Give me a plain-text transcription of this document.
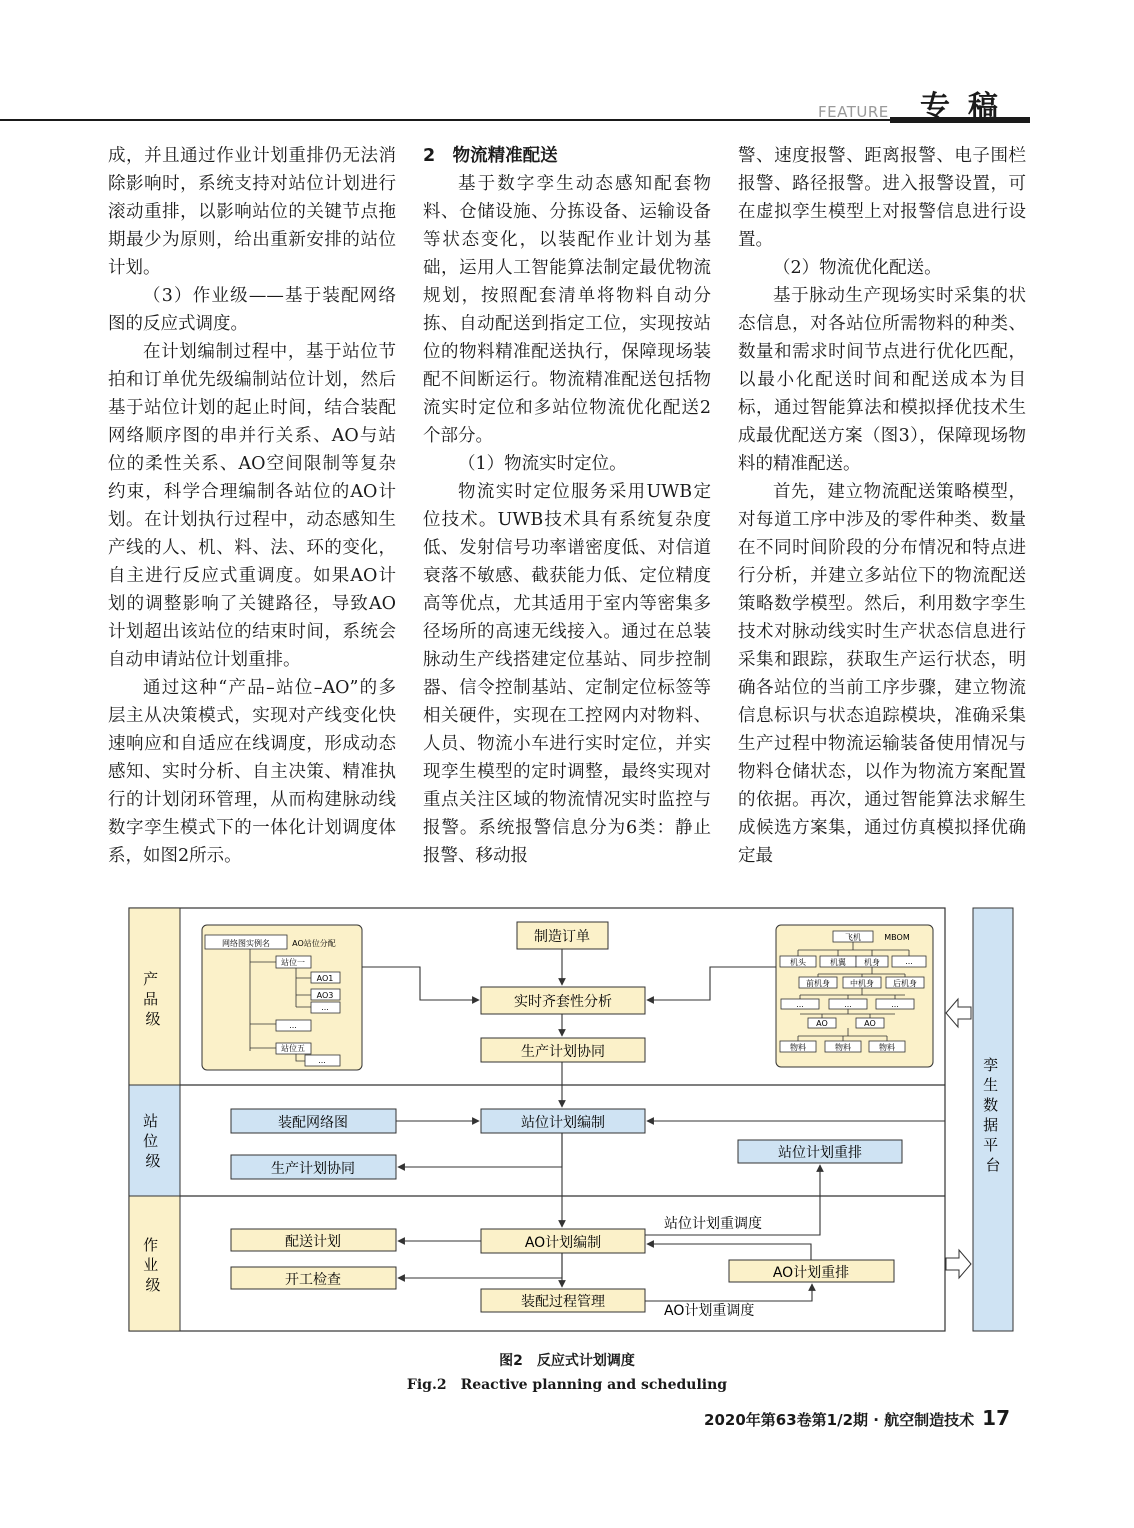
FEATURE 专稿

成，并且通过作业计划重排仍无法消除影响时，系统支持对站位计划进行滚动重排，以影响站位的关键节点拖期最少为原则，给出重新安排的站位计划。

（3）作业级——基于装配网络图的反应式调度。

在计划编制过程中，基于站位节拍和订单优先级编制站位计划，然后基于站位计划的起止时间，结合装配网络顺序图的串并行关系、AO与站位的柔性关系、AO空间限制等复杂约束，科学合理编制各站位的AO计划。在计划执行过程中，动态感知生产线的人、机、料、法、环的变化，自主进行反应式重调度。如果AO计划的调整影响了关键路径，导致AO计划超出该站位的结束时间，系统会自动申请站位计划重排。

通过这种“产品–站位–AO”的多层主从决策模式，实现对产线变化快速响应和自适应在线调度，形成动态感知、实时分析、自主决策、精准执行的计划闭环管理，从而构建脉动线数字孪生模式下的一体化计划调度体系，如图2所示。

2　物流精准配送

基于数字孪生动态感知配套物料、仓储设施、分拣设备、运输设备等状态变化，以装配作业计划为基础，运用人工智能算法制定最优物流规划，按照配套清单将物料自动分拣、自动配送到指定工位，实现按站位的物料精准配送执行，保障现场装配不间断运行。物流精准配送包括物流实时定位和多站位物流优化配送2个部分。

（1）物流实时定位。

物流实时定位服务采用UWB定位技术。UWB技术具有系统复杂度低、发射信号功率谱密度低、对信道衰落不敏感、截获能力低、定位精度高等优点，尤其适用于室内等密集多径场所的高速无线接入。通过在总装脉动生产线搭建定位基站、同步控制器、信令控制基站、定制定位标签等相关硬件，实现在工控网内对物料、人员、物流小车进行实时定位，并实现孪生模型的定时调整，最终实现对重点关注区域的物流情况实时监控与报警。系统报警信息分为6类：静止报警、移动报

警、速度报警、距离报警、电子围栏报警、路径报警。进入报警设置，可在虚拟孪生模型上对报警信息进行设置。

（2）物流优化配送。

基于脉动生产现场实时采集的状态信息，对各站位所需物料的种类、数量和需求时间节点进行优化匹配，以最小化配送时间和配送成本为目标，通过智能算法和模拟择优技术生成最优配送方案（图3），保障现场物料的精准配送。

首先，建立物流配送策略模型，对每道工序中涉及的零件种类、数量在不同时间阶段的分布情况和特点进行分析，并建立多站位下的物流配送策略数学模型。然后，利用数字孪生技术对脉动线实时生产状态信息进行采集和跟踪，获取生产运行状态，明确各站位的当前工序步骤，建立物流信息标识与状态追踪模块，准确采集生产过程中物流运输装备使用情况与物料仓储状态，以作为物流方案配置的依据。再次，通过智能算法求解生成候选方案集，通过仿真模拟择优确定最

产 品 级
站 位 级
作 业 级
孪 生 数 据 平 台
网络图实例名	AO站位分配
站位一
AO1
AO3
...
...
站位五
...
飞机	MBOM
机头	机翼 机身	...
前机身	中机身 后机身
...	...	...
AO	AO
物料	物料	物料
制造订单
实时齐套性分析
生产计划协同
装配网络图	站位计划编制
生产计划协同
站位计划重排
配送计划
开工检查
AO计划编制
装配过程管理
AO计划重排
站位计划重调度
AO计划重调度
图2　反应式计划调度
Fig.2　Reactive planning and scheduling
2020年第63卷第1/2期 · 航空制造技术 17
